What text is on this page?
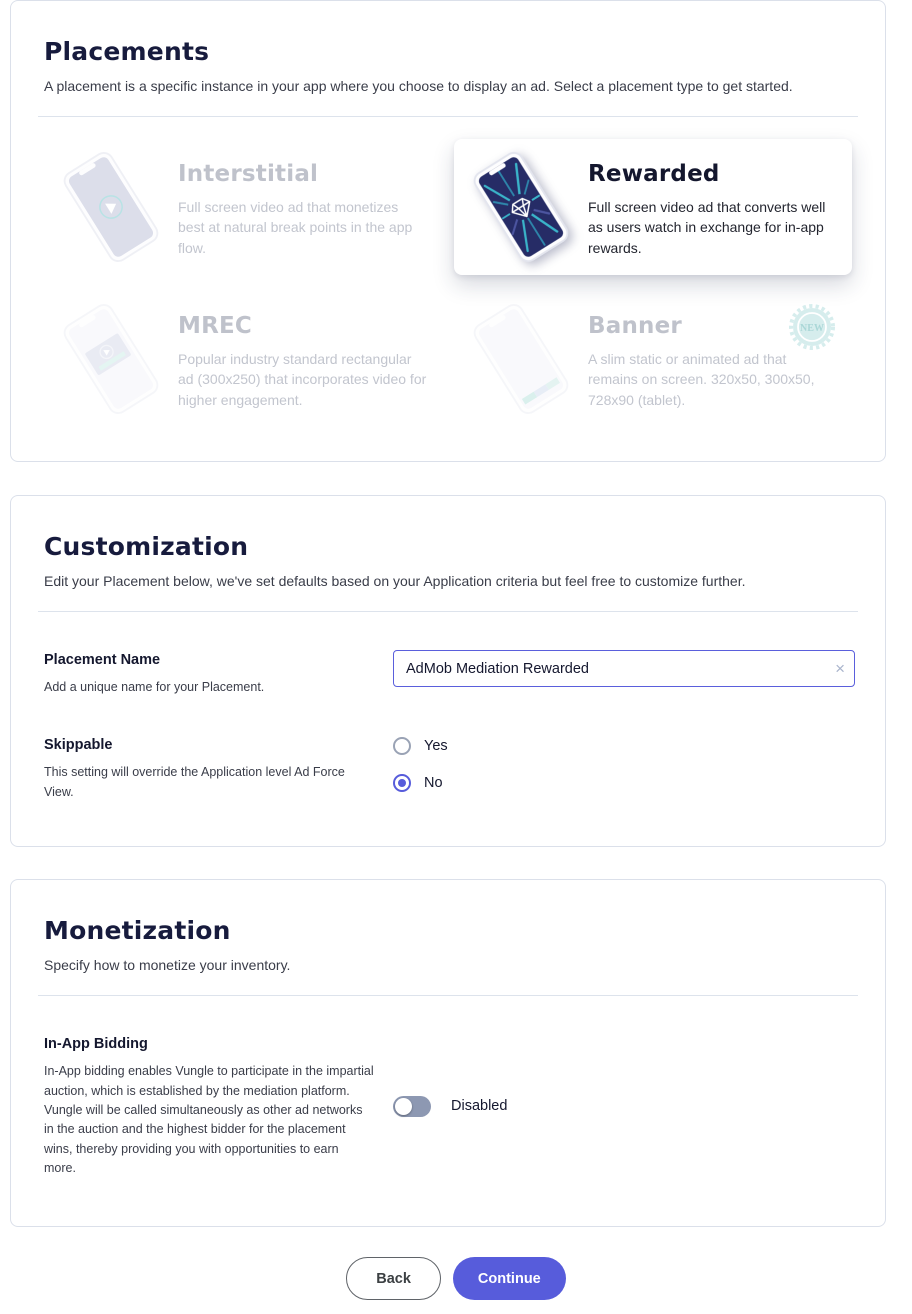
Placements

A placement is a specific instance in your app where you choose to display an ad. Select a placement type to get started.

Interstitial

Full screen video ad that monetizes best at natural break points in the app flow.

Rewarded

Full screen video ad that converts well as users watch in exchange for in-app rewards.

MREC

Popular industry standard rectangular ad (300x250) that incorporates video for higher engagement.

Banner

A slim static or animated ad that remains on screen. 320x50, 300x50, 728x90 (tablet).

NEW
Customization

Edit your Placement below, we've set defaults based on your Application criteria but feel free to customize further.

Placement Name
Add a unique name for your Placement.
AdMob Mediation Rewarded
×
Skippable
This setting will override the Application level Ad Force View.
Yes
No
Monetization

Specify how to monetize your inventory.

In-App Bidding
In-App bidding enables Vungle to participate in the impartial auction, which is established by the mediation platform. Vungle will be called simultaneously as other ad networks in the auction and the highest bidder for the placement wins, thereby providing you with opportunities to earn more.
Disabled
Back	Continue
